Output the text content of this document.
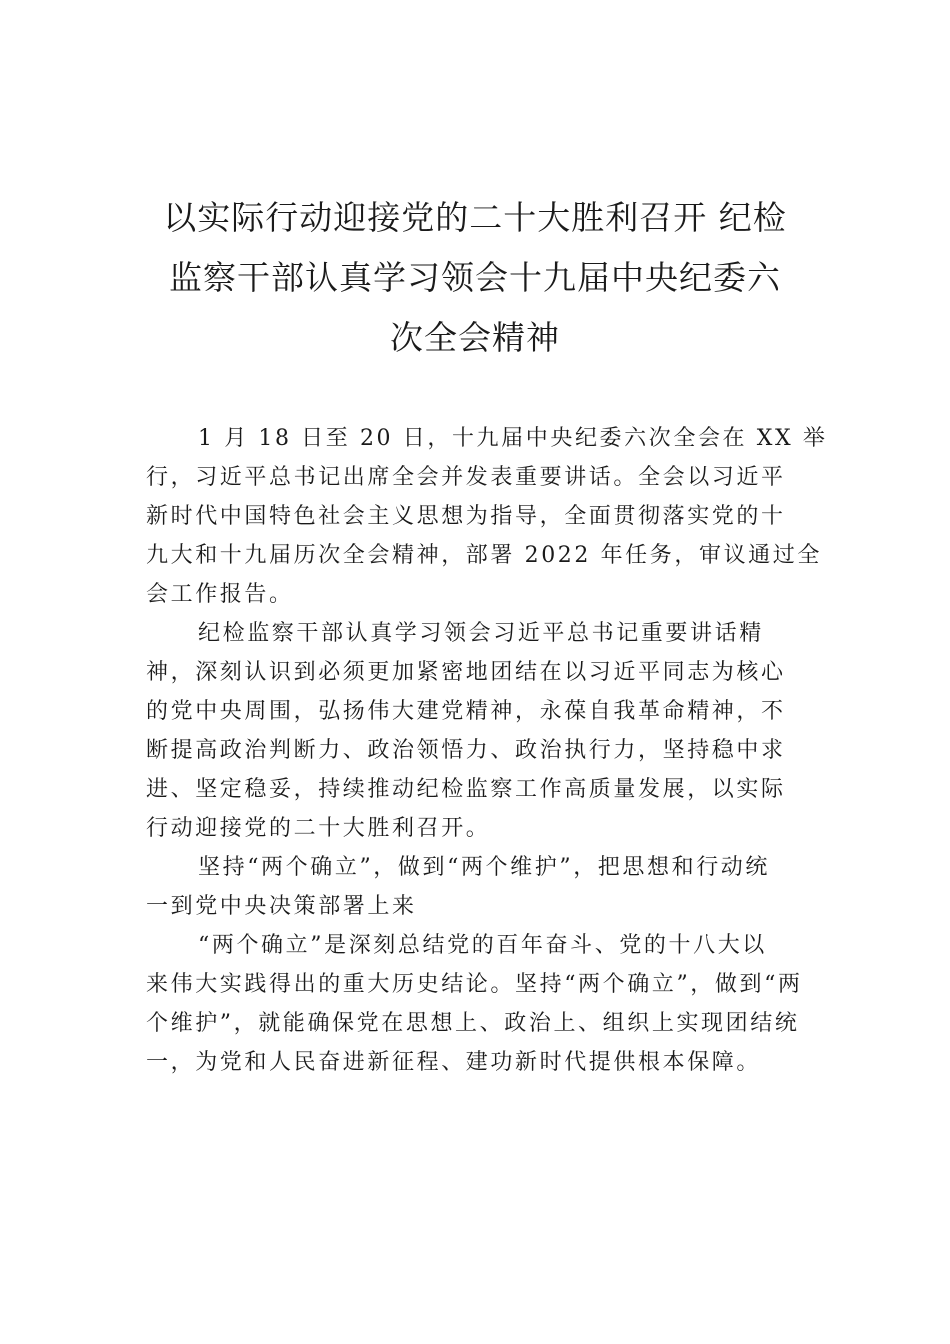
以实际行动迎接党的二十大胜利召开 纪检
监察干部认真学习领会十九届中央纪委六
次全会精神

1 月 18 日至 20 日，十九届中央纪委六次全会在 XX 举
行，习近平总书记出席全会并发表重要讲话。全会以习近平
新时代中国特色社会主义思想为指导，全面贯彻落实党的十
九大和十九届历次全会精神，部署 2022 年任务，审议通过全
会工作报告。

纪检监察干部认真学习领会习近平总书记重要讲话精
神，深刻认识到必须更加紧密地团结在以习近平同志为核心
的党中央周围，弘扬伟大建党精神，永葆自我革命精神，不
断提高政治判断力、政治领悟力、政治执行力，坚持稳中求
进、坚定稳妥，持续推动纪检监察工作高质量发展，以实际
行动迎接党的二十大胜利召开。

坚持“两个确立”，做到“两个维护”，把思想和行动统
一到党中央决策部署上来

“两个确立”是深刻总结党的百年奋斗、党的十八大以
来伟大实践得出的重大历史结论。坚持“两个确立”，做到“两
个维护”，就能确保党在思想上、政治上、组织上实现团结统
一，为党和人民奋进新征程、建功新时代提供根本保障。
